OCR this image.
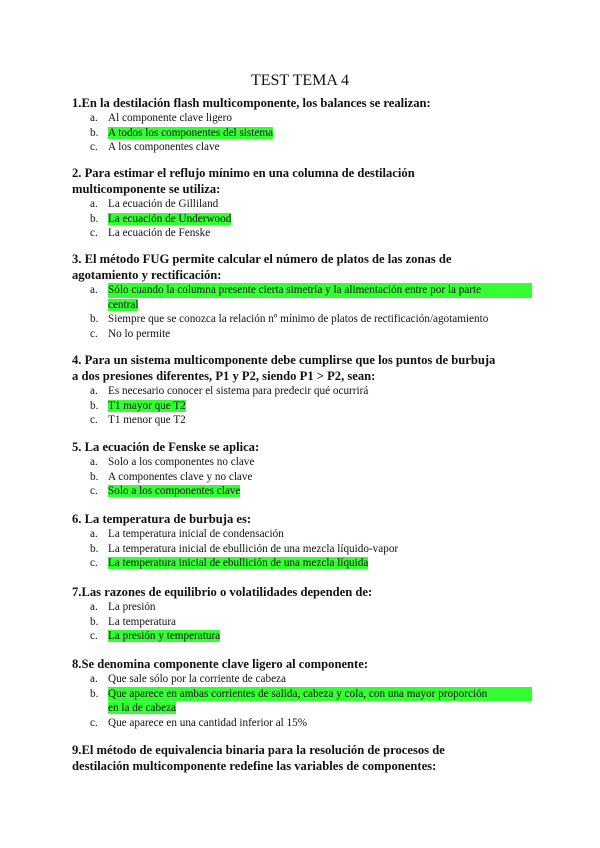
TEST TEMA 4
1.En la destilación flash multicomponente, los balances se realizan:
a. Al componente clave ligero
b. A todos los componentes del sistema
c. A los componentes clave
2. Para estimar el reflujo mínimo en una columna de destilación
multicomponente se utiliza:
a. La ecuación de Gilliland
b. La ecuación de Underwood
c. La ecuación de Fenske
3. El método FUG permite calcular el número de platos de las zonas de
agotamiento y rectificación:
a. Sólo cuando la columna presente cierta simetría y la alimentación entre por la parte
central
b. Siempre que se conozca la relación nº mínimo de platos de rectificación/agotamiento
c. No lo permite
4. Para un sistema multicomponente debe cumplirse que los puntos de burbuja
a dos presiones diferentes, P1 y P2, siendo P1 > P2, sean:
a. Es necesario conocer el sistema para predecir qué ocurrirá
b. T1 mayor que T2
c. T1 menor que T2
5. La ecuación de Fenske se aplica:
a. Solo a los componentes no clave
b. A componentes clave y no clave
c. Solo a los componentes clave
6. La temperatura de burbuja es:
a. La temperatura inicial de condensación
b. La temperatura inicial de ebullición de una mezcla líquido-vapor
c. La temperatura inicial de ebullición de una mezcla líquida
7.Las razones de equilibrio o volatilidades dependen de:
a. La presión
b. La temperatura
c. La presión y temperatura
8.Se denomina componente clave ligero al componente:
a. Que sale sólo por la corriente de cabeza
b. Que aparece en ambas corrientes de salida, cabeza y cola, con una mayor proporción
en la de cabeza
c. Que aparece en una cantidad inferior al 15%
9.El método de equivalencia binaria para la resolución de procesos de
destilación multicomponente redefine las variables de componentes:
